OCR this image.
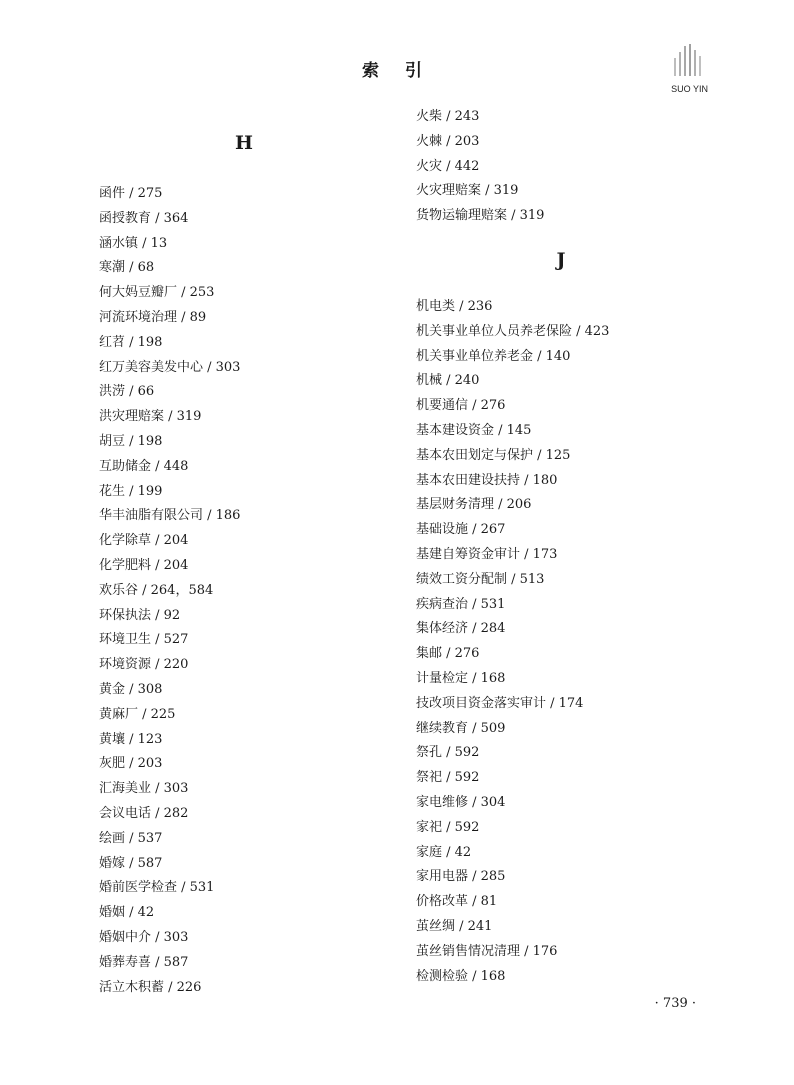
索 引
SUO YIN
H
函件 / 275
函授教育 / 364
涵水镇 / 13
寒潮 / 68
何大妈豆瓣厂 / 253
河流环境治理 / 89
红苕 / 198
红万美容美发中心 / 303
洪涝 / 66
洪灾理赔案 / 319
胡豆 / 198
互助储金 / 448
花生 / 199
华丰油脂有限公司 / 186
化学除草 / 204
化学肥料 / 204
欢乐谷 / 264，584
环保执法 / 92
环境卫生 / 527
环境资源 / 220
黄金 / 308
黄麻厂 / 225
黄壤 / 123
灰肥 / 203
汇海美业 / 303
会议电话 / 282
绘画 / 537
婚嫁 / 587
婚前医学检查 / 531
婚姻 / 42
婚姻中介 / 303
婚葬寿喜 / 587
活立木积蓄 / 226
火柴 / 243
火棘 / 203
火灾 / 442
火灾理赔案 / 319
货物运输理赔案 / 319
J
机电类 / 236
机关事业单位人员养老保险 / 423
机关事业单位养老金 / 140
机械 / 240
机要通信 / 276
基本建设资金 / 145
基本农田划定与保护 / 125
基本农田建设扶持 / 180
基层财务清理 / 206
基础设施 / 267
基建自筹资金审计 / 173
绩效工资分配制 / 513
疾病查治 / 531
集体经济 / 284
集邮 / 276
计量检定 / 168
技改项目资金落实审计 / 174
继续教育 / 509
祭孔 / 592
祭祀 / 592
家电维修 / 304
家祀 / 592
家庭 / 42
家用电器 / 285
价格改革 / 81
茧丝绸 / 241
茧丝销售情况清理 / 176
检测检验 / 168
· 739 ·
